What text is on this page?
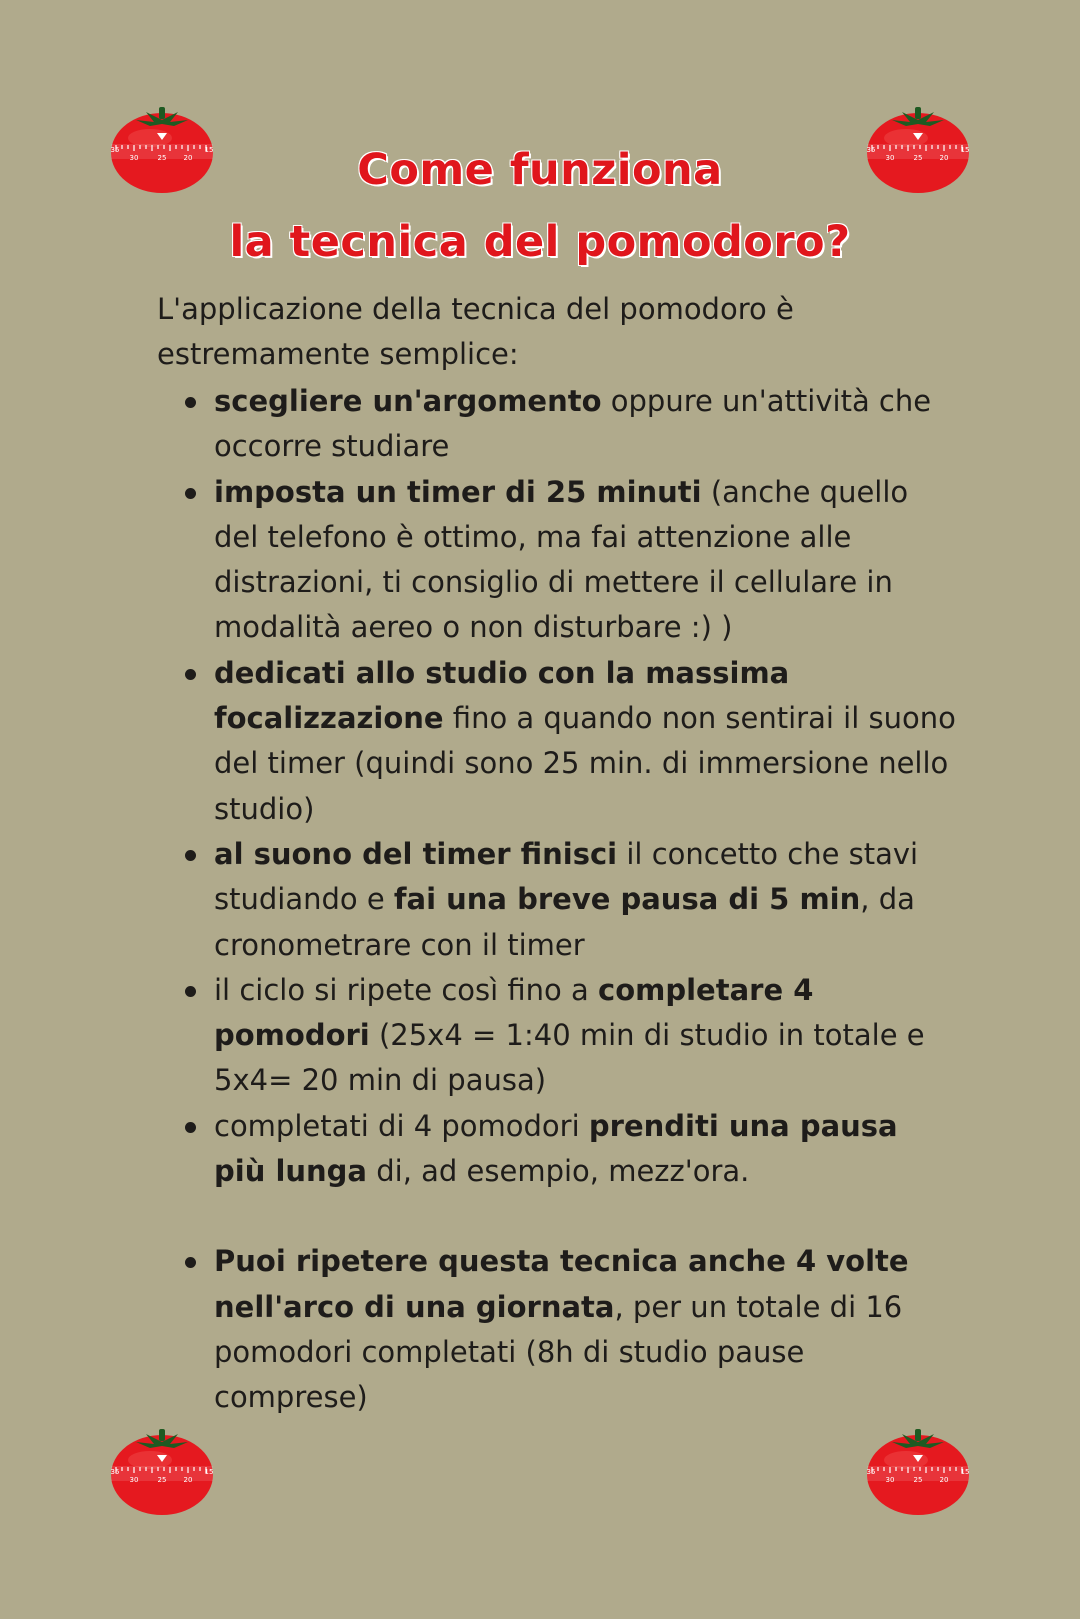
35
30	25 20
15	35
30	25 20
15
35
30	25 20
15	35
30	25 20
15
Come funziona
la tecnica del pomodoro?

L'applicazione della tecnica del pomodoro è estremamente semplice:

scegliere un'argomento oppure un'attività che occorre studiare
imposta un timer di 25 minuti (anche quello del telefono è ottimo, ma fai attenzione alle distrazioni, ti consiglio di mettere il cellulare in modalità aereo o non disturbare :) )
dedicati allo studio con la massima focalizzazione fino a quando non sentirai il suono del timer (quindi sono 25 min. di immersione nello studio)
al suono del timer finisci il concetto che stavi studiando e fai una breve pausa di 5 min, da cronometrare con il timer
il ciclo si ripete così fino a completare 4 pomodori (25x4 = 1:40 min di studio in totale e 5x4= 20 min di pausa)
completati di 4 pomodori prenditi una pausa più lunga di, ad esempio, mezz'ora.
Puoi ripetere questa tecnica anche 4 volte nell'arco di una giornata, per un totale di 16 pomodori completati (8h di studio pause comprese)
